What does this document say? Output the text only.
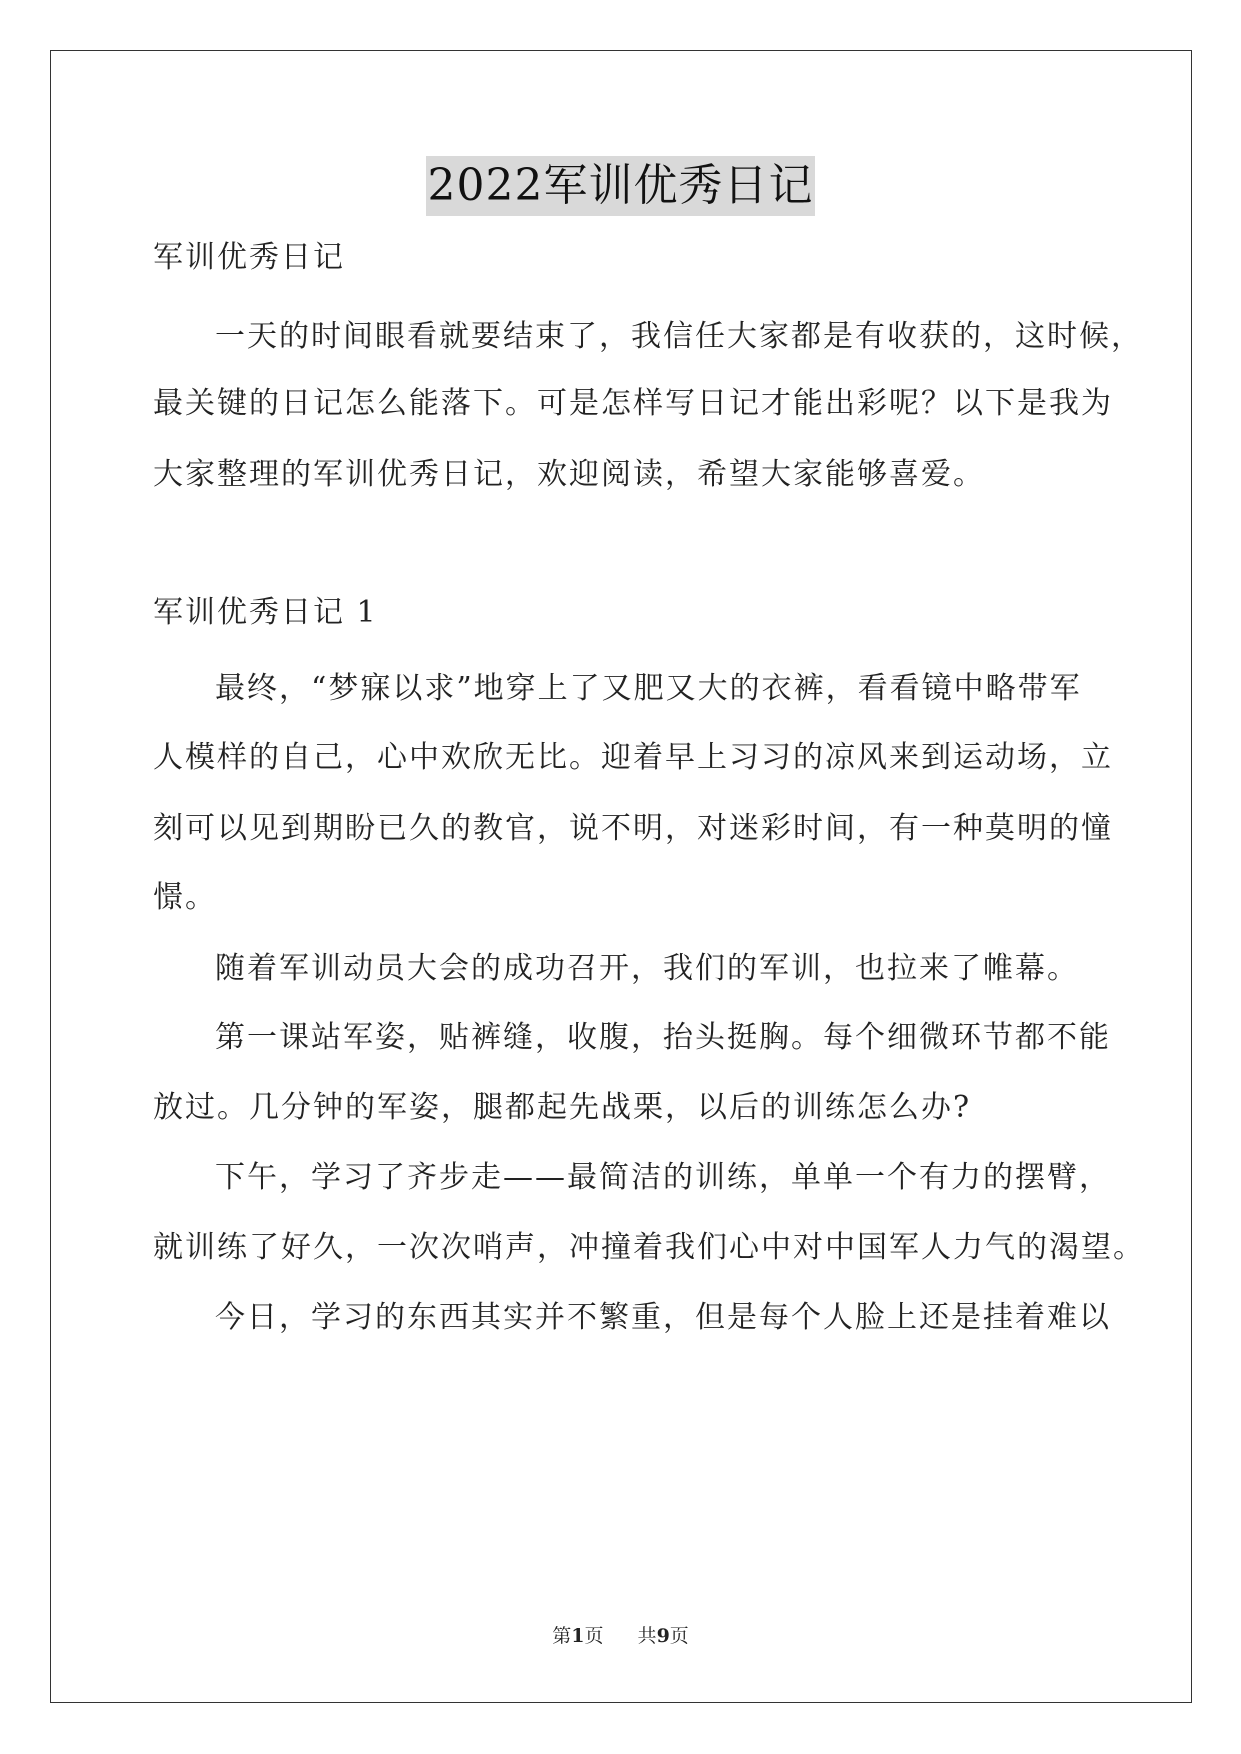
2022军训优秀日记
军训优秀日记
一天的时间眼看就要结束了，我信任大家都是有收获的，这时候，
最关键的日记怎么能落下。可是怎样写日记才能出彩呢？以下是我为
大家整理的军训优秀日记，欢迎阅读，希望大家能够喜爱。
军训优秀日记 1
最终，“梦寐以求”地穿上了又肥又大的衣裤，看看镜中略带军
人模样的自己，心中欢欣无比。迎着早上习习的凉风来到运动场，立
刻可以见到期盼已久的教官，说不明，对迷彩时间，有一种莫明的憧
憬。
随着军训动员大会的成功召开，我们的军训，也拉来了帷幕。
第一课站军姿，贴裤缝，收腹，抬头挺胸。每个细微环节都不能
放过。几分钟的军姿，腿都起先战栗，以后的训练怎么办?
下午，学习了齐步走——最简洁的训练，单单一个有力的摆臂，
就训练了好久，一次次哨声，冲撞着我们心中对中国军人力气的渴望。
今日，学习的东西其实并不繁重，但是每个人脸上还是挂着难以
第1页 共9页
